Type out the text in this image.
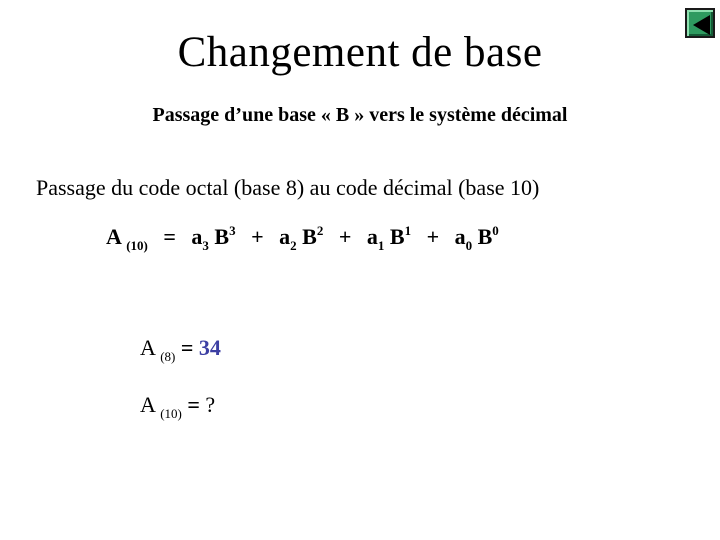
Changement de base
Passage d’une base « B » vers le système décimal
Passage du code octal (base 8) au code décimal (base 10)
A $_{(10)} = a_3$ $B^3 + a_2$ $B^2 + a_1$ $B^1 + a_0$ $B^0$
A $_{(8)}$ = 34
A $_{(10)}$ = ?
